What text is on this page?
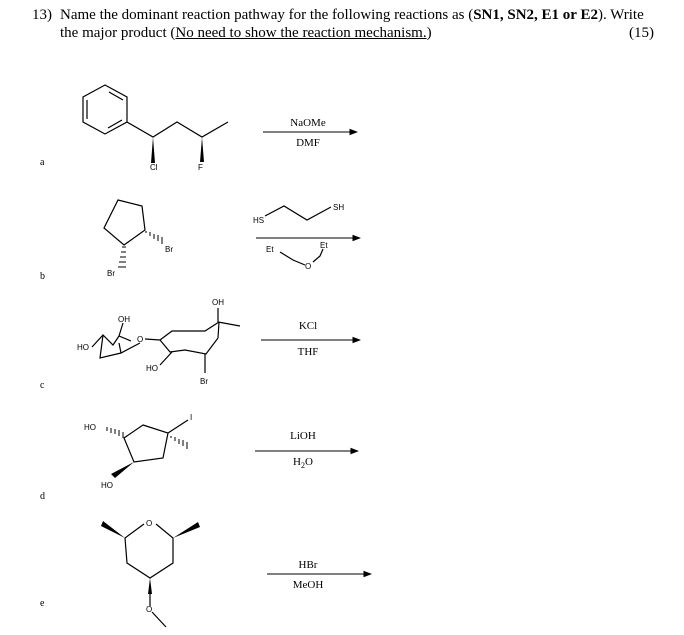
13) Name the dominant reaction pathway for the following reactions as (SN1, SN2, E1 or E2). Write
the major product (No need to show the reaction mechanism.)	(15)
a
b
c
d
e
NaOMe
DMF
KCl
THF
LiOH
$H_2O$
HBr
MeOH
Cl	F
Br
Br
HS
SH
Et	Et
O
HO
OH
O
OH
HO
Br
HO
HO
I
O
O
